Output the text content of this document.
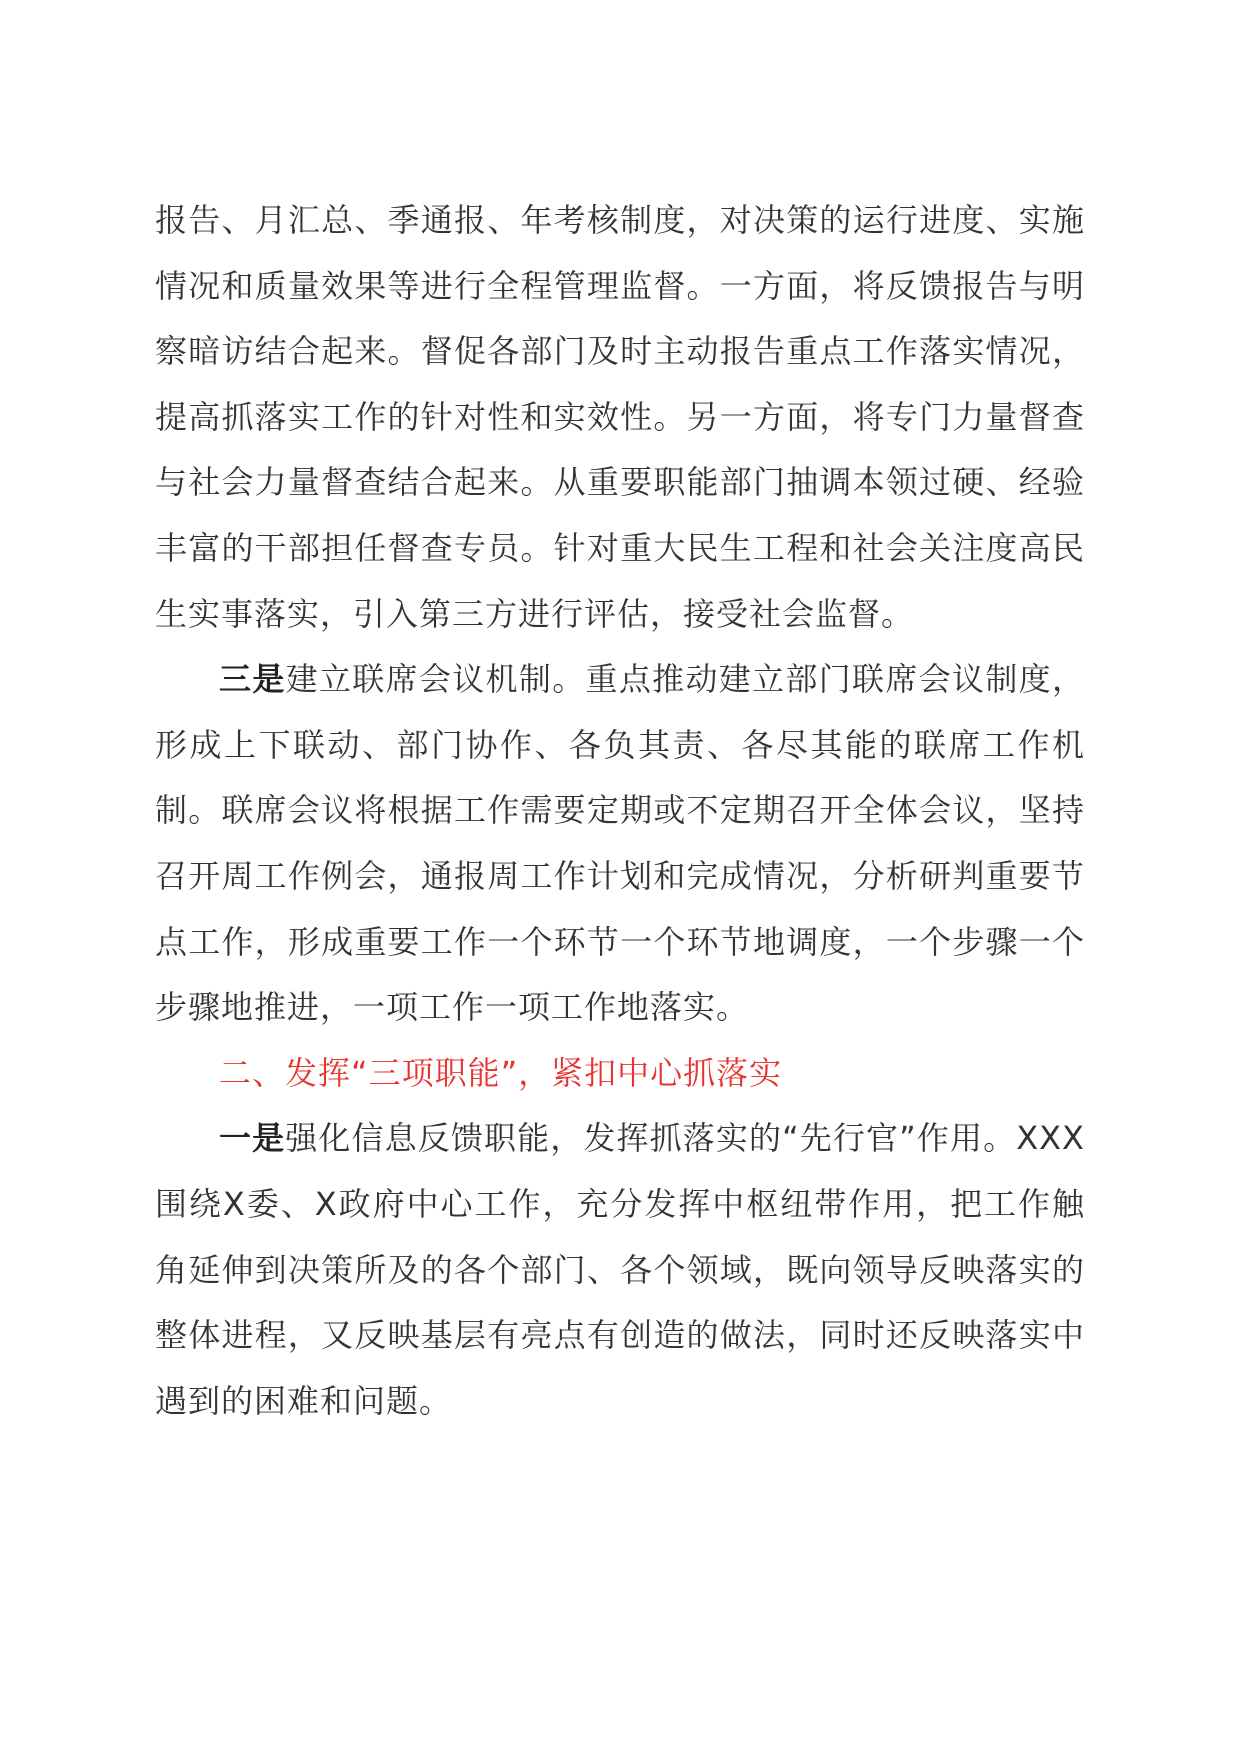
报告、月汇总、季通报、年考核制度，对决策的运行进度、实施情况和质量效果等进行全程管理监督。一方面，将反馈报告与明察暗访结合起来。督促各部门及时主动报告重点工作落实情况，提高抓落实工作的针对性和实效性。另一方面，将专门力量督查与社会力量督查结合起来。从重要职能部门抽调本领过硬、经验丰富的干部担任督查专员。针对重大民生工程和社会关注度高民生实事落实，引入第三方进行评估，接受社会监督。

三是建立联席会议机制。重点推动建立部门联席会议制度，形成上下联动、部门协作、各负其责、各尽其能的联席工作机制。联席会议将根据工作需要定期或不定期召开全体会议，坚持召开周工作例会，通报周工作计划和完成情况，分析研判重要节点工作，形成重要工作一个环节一个环节地调度，一个步骤一个步骤地推进，一项工作一项工作地落实。

二、发挥“三项职能”，紧扣中心抓落实

一是强化信息反馈职能，发挥抓落实的“先行官”作用。XXX围绕X委、X政府中心工作，充分发挥中枢纽带作用，把工作触角延伸到决策所及的各个部门、各个领域，既向领导反映落实的整体进程，又反映基层有亮点有创造的做法，同时还反映落实中遇到的困难和问题。
